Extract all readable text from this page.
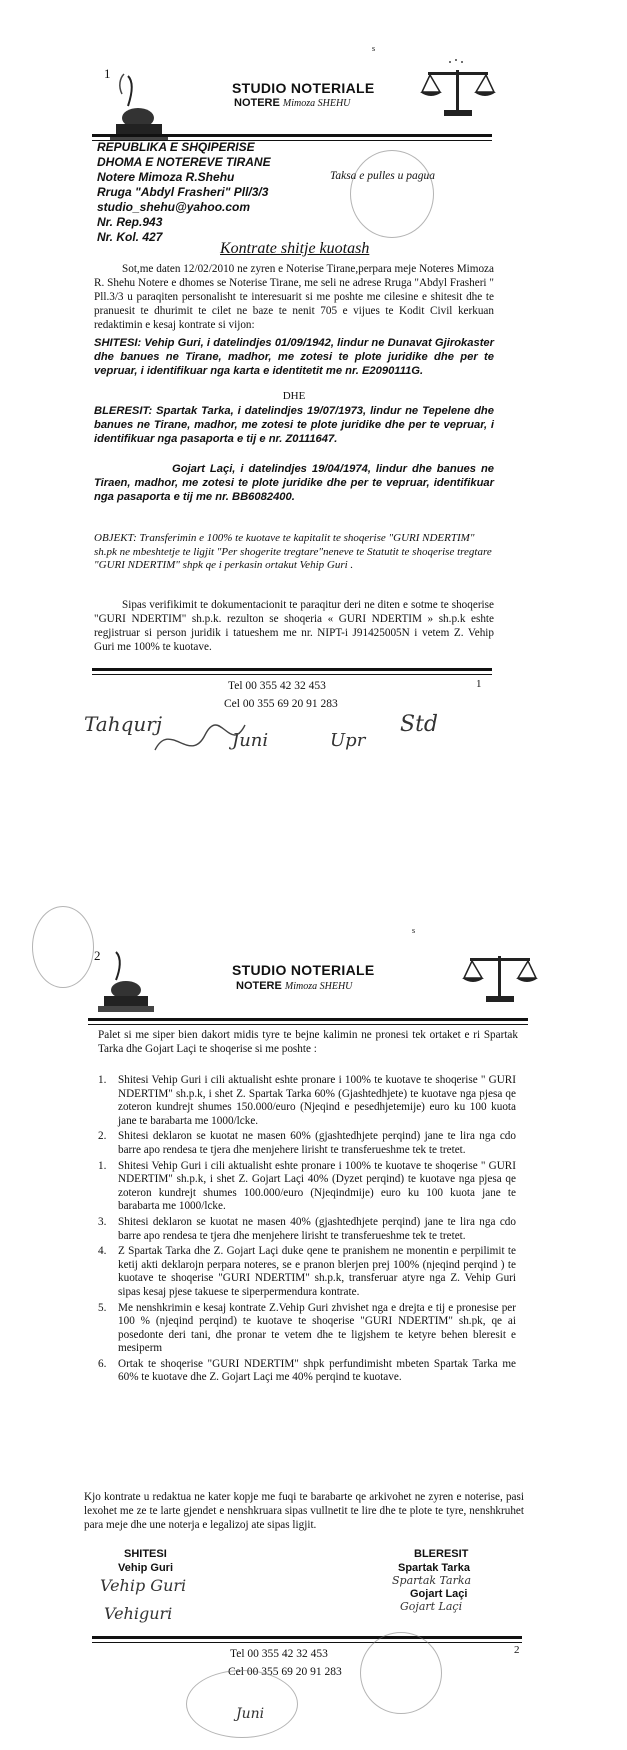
1
s
STUDIO NOTERIALE
NOTERE Mimoza SHEHU
REPUBLIKA E SHQIPERISE
DHOMA E NOTEREVE TIRANE
Notere Mimoza R.Shehu
Rruga "Abdyl Frasheri" Pll/3/3
studio_shehu@yahoo.com
Nr. Rep.943
Nr. Kol. 427
Taksa e pulles u pagua
Kontrate shitje kuotash
Sot,me daten 12/02/2010 ne zyren e Noterise Tirane,perpara meje Noteres Mimoza R. Shehu Notere e dhomes se Noterise Tirane, me seli ne adrese Rruga "Abdyl Frasheri " Pll.3/3 u paraqiten personalisht te interesuarit si me poshte me cilesine e shitesit dhe te pranuesit te dhurimit te cilet ne baze te nenit 705 e vijues te Kodit Civil kerkuan redaktimin e kesaj kontrate si vijon:
SHITESI: Vehip Guri, i datelindjes 01/09/1942, lindur ne Dunavat Gjirokaster dhe banues ne Tirane, madhor, me zotesi te plote juridike dhe per te vepruar, i identifikuar nga karta e identitetit me nr. E2090111G.
DHE
BLERESIT: Spartak Tarka, i datelindjes 19/07/1973, lindur ne Tepelene dhe banues ne Tirane, madhor, me zotesi te plote juridike dhe per te vepruar, i identifikuar nga pasaporta e tij e nr. Z0111647.
Gojart Laçi, i datelindjes 19/04/1974, lindur dhe banues ne Tiraen, madhor, me zotesi te plote juridike dhe per te vepruar, identifikuar nga pasaporta e tij me nr. BB6082400.
OBJEKT: Transferimin e 100% te kuotave te kapitalit te shoqerise "GURI NDERTIM" sh.pk ne mbeshtetje te ligjit "Per shogerite tregtare"neneve te Statutit te shoqerise tregtare "GURI NDERTIM" shpk qe i perkasin ortakut Vehip Guri .
Sipas verifikimit te dokumentacionit te paraqitur deri ne diten e sotme te shoqerise "GURI NDERTIM" sh.p.k. rezulton se shoqeria « GURI NDERTIM » sh.p.k eshte regjistruar si person juridik i tatueshem me nr. NIPT-i J91425005N i vetem Z. Vehip Guri me 100% te kuotave.
1
Tel 00 355 42 32 453
Cel 00 355 69 20 91 283
Tahqurj
Juni	Upr
Std
2
s
STUDIO NOTERIALE
NOTERE Mimoza SHEHU
Palet si me siper bien dakort midis tyre te bejne kalimin ne pronesi tek ortaket e ri Spartak Tarka dhe Gojart Laçi te shoqerise si me poshte :
1. Shitesi Vehip Guri i cili aktualisht eshte pronare i 100% te kuotave te shoqerise " GURI NDERTIM" sh.p.k, i shet Z. Spartak Tarka 60% (Gjashtedhjete) te kuotave nga pjesa qe zoteron kundrejt shumes 150.000/euro (Njeqind e pesedhjetemije) euro ku 100 kuota jane te barabarta me 1000/lcke.
2. Shitesi deklaron se kuotat ne masen 60% (gjashtedhjete perqind) jane te lira nga cdo barre apo rendesa te tjera dhe menjehere lirisht te transferueshme tek te tretet.
1. Shitesi Vehip Guri i cili aktualisht eshte pronare i 100% te kuotave te shoqerise " GURI NDERTIM" sh.p.k, i shet Z. Gojart Laçi 40% (Dyzet perqind) te kuotave nga pjesa qe zoteron kundrejt shumes 100.000/euro (Njeqindmije) euro ku 100 kuota jane te barabarta me 1000/lcke.
3. Shitesi deklaron se kuotat ne masen 40% (gjashtedhjete perqind) jane te lira nga cdo barre apo rendesa te tjera dhe menjehere lirisht te transferueshme tek te tretet.
4. Z Spartak Tarka dhe Z. Gojart Laçi duke qene te pranishem ne monentin e perpilimit te ketij akti deklarojn perpara noteres, se e pranon blerjen prej 100% (njeqind perqind ) te kuotave te shoqerise "GURI NDERTIM" sh.p.k, transferuar atyre nga Z. Vehip Guri sipas kesaj pjese takuese te siperpermendura kontrate.
5. Me nenshkrimin e kesaj kontrate Z.Vehip Guri zhvishet nga e drejta e tij e pronesise per 100 % (njeqind perqind) te kuotave te shoqerise "GURI NDERTIM" sh.pk, qe ai posedonte deri tani, dhe pronar te vetem dhe te ligjshem te ketyre behen bleresit e mesiperm
6. Ortak te shoqerise "GURI NDERTIM" shpk perfundimisht mbeten Spartak Tarka me 60% te kuotave dhe Z. Gojart Laçi me 40% perqind te kuotave.
Kjo kontrate u redaktua ne kater kopje me fuqi te barabarte qe arkivohet ne zyren e noterise, pasi lexohet me ze te larte gjendet e nenshkruara sipas vullnetit te lire dhe te plote te tyre, nenshkruhet para meje dhe une noterja e legalizoj ate sipas ligjit.
SHITESI
Vehip Guri
BLERESIT
Spartak Tarka
Gojart Laçi
Vehip Guri
Vehiguri
Spartak Tarka
Gojart Laçi
Juni
2
Tel 00 355 42 32 453
Cel 00 355 69 20 91 283
